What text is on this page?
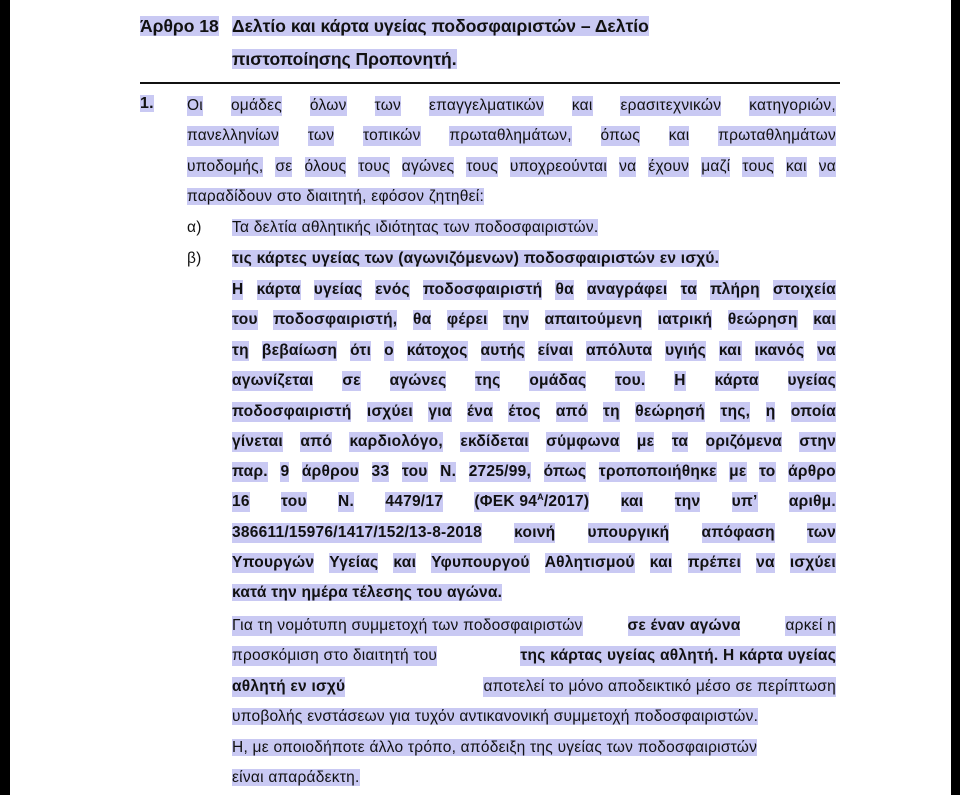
Άρθρο 18 Δελτίο και κάρτα υγείας ποδοσφαιριστών – Δελτίο
πιστοποίησης Προπονητή.
1. Οι ομάδες όλων των επαγγελματικών και ερασιτεχνικών κατηγοριών,
πανελληνίων των τοπικών πρωταθλημάτων, όπως και πρωταθλημάτων
υποδομής, σε όλους τους αγώνες τους υποχρεούνται να έχουν μαζί τους και να
παραδίδουν στο διαιτητή, εφόσον ζητηθεί:
α) Τα δελτία αθλητικής ιδιότητας των ποδοσφαιριστών.
β) τις κάρτες υγείας των (αγωνιζόμενων) ποδοσφαιριστών εν ισχύ.
Η κάρτα υγείας ενός ποδοσφαιριστή θα αναγράφει τα πλήρη στοιχεία
του ποδοσφαιριστή, θα φέρει την απαιτούμενη ιατρική θεώρηση και
τη βεβαίωση ότι ο κάτοχος αυτής είναι απόλυτα υγιής και ικανός να
αγωνίζεται σε αγώνες της ομάδας του. Η κάρτα υγείας
ποδοσφαιριστή ισχύει για ένα έτος από τη θεώρησή της, η οποία
γίνεται από καρδιολόγο, εκδίδεται σύμφωνα με τα οριζόμενα στην
παρ. 9 άρθρου 33 του Ν. 2725/99, όπως τροποποιήθηκε με το άρθρο
16 του Ν. 4479/17 (ΦΕΚ $94^A/2017$) και την υπ’ αριθμ.
386611/15976/1417/152/13-8-2018 κοινή υπουργική απόφαση των
Υπουργών Υγείας και Υφυπουργού Αθλητισμού και πρέπει να ισχύει
κατά την ημέρα τέλεσης του αγώνα.
Για τη νομότυπη συμμετοχή των ποδοσφαιριστών	σε έναν αγώνα	αρκεί η
προσκόμιση στο διαιτητή του	της κάρτας υγείας αθλητή. Η κάρτα υγείας
αθλητή εν ισχύ	αποτελεί το μόνο αποδεικτικό μέσο σε περίπτωση
υποβολής ενστάσεων για τυχόν αντικανονική συμμετοχή ποδοσφαιριστών.
Η, με οποιοδήποτε άλλο τρόπο, απόδειξη της υγείας των ποδοσφαιριστών
είναι απαράδεκτη.
